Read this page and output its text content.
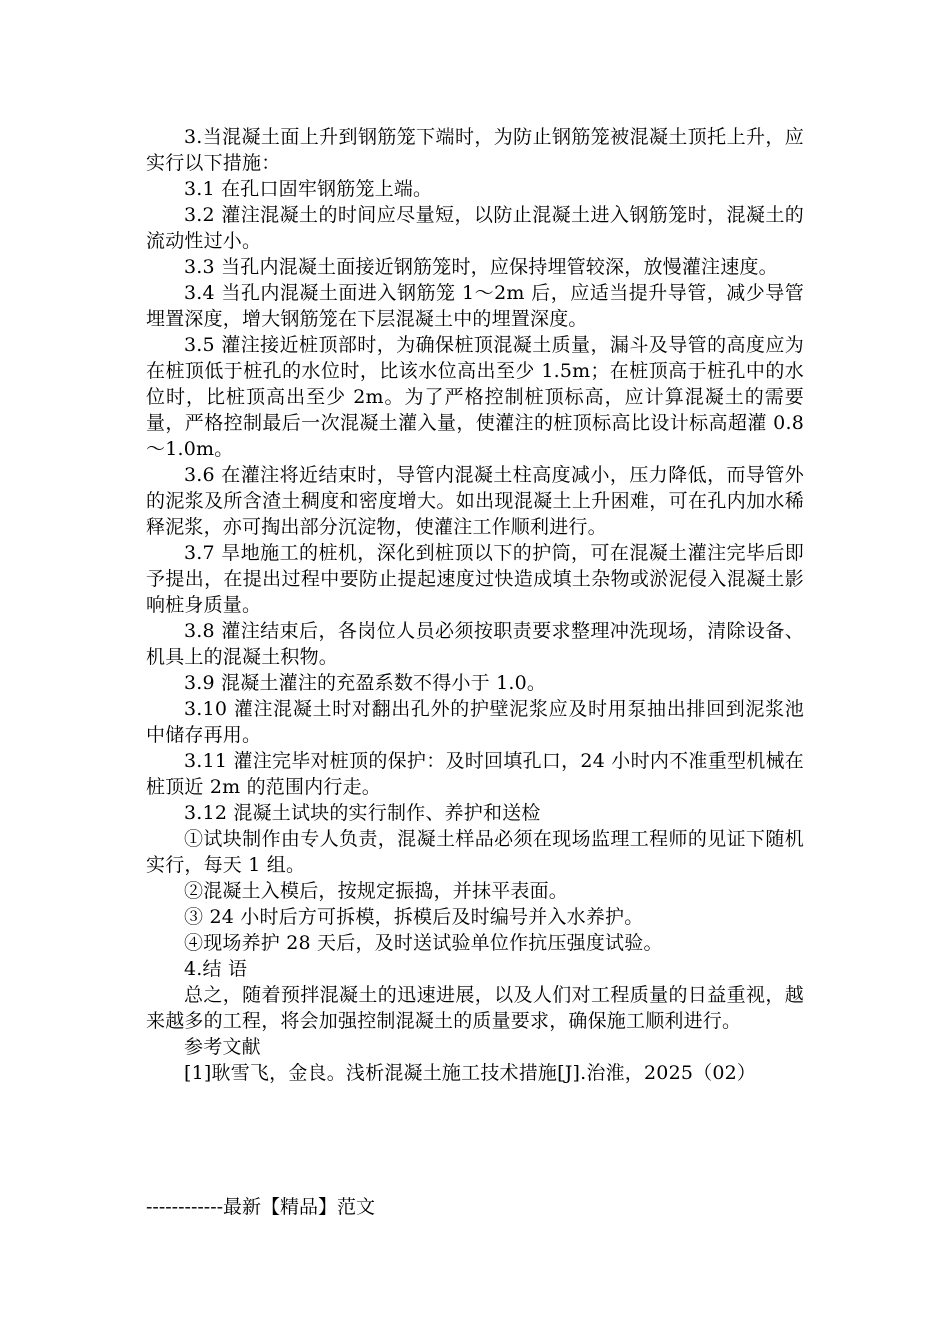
3.当混凝土面上升到钢筋笼下端时，为防止钢筋笼被混凝土顶托上升，应实行以下措施：

3.1 在孔口固牢钢筋笼上端。

3.2 灌注混凝土的时间应尽量短，以防止混凝土进入钢筋笼时，混凝土的流动性过小。

3.3 当孔内混凝土面接近钢筋笼时，应保持埋管较深，放慢灌注速度。

3.4 当孔内混凝土面进入钢筋笼 1～2m 后，应适当提升导管，减少导管埋置深度，增大钢筋笼在下层混凝土中的埋置深度。

3.5 灌注接近桩顶部时，为确保桩顶混凝土质量，漏斗及导管的高度应为在桩顶低于桩孔的水位时，比该水位高出至少 1.5m；在桩顶高于桩孔中的水位时，比桩顶高出至少 2m。为了严格控制桩顶标高，应计算混凝土的需要量，严格控制最后一次混凝土灌入量，使灌注的桩顶标高比设计标高超灌 0.8～1.0m。

3.6 在灌注将近结束时，导管内混凝土柱高度减小，压力降低，而导管外的泥浆及所含渣土稠度和密度增大。如出现混凝土上升困难，可在孔内加水稀释泥浆，亦可掏出部分沉淀物，使灌注工作顺利进行。

3.7 旱地施工的桩机，深化到桩顶以下的护筒，可在混凝土灌注完毕后即予提出，在提出过程中要防止提起速度过快造成填土杂物或淤泥侵入混凝土影响桩身质量。

3.8 灌注结束后，各岗位人员必须按职责要求整理冲洗现场，清除设备、机具上的混凝土积物。

3.9 混凝土灌注的充盈系数不得小于 1.0。

3.10 灌注混凝土时对翻出孔外的护壁泥浆应及时用泵抽出排回到泥浆池中储存再用。

3.11 灌注完毕对桩顶的保护：及时回填孔口，24 小时内不准重型机械在桩顶近 2m 的范围内行走。

3.12 混凝土试块的实行制作、养护和送检

①试块制作由专人负责，混凝土样品必须在现场监理工程师的见证下随机实行，每天 1 组。

②混凝土入模后，按规定振捣，并抹平表面。

③ 24 小时后方可拆模，拆模后及时编号并入水养护。

④现场养护 28 天后，及时送试验单位作抗压强度试验。

4.结 语

总之，随着预拌混凝土的迅速进展，以及人们对工程质量的日益重视，越来越多的工程，将会加强控制混凝土的质量要求，确保施工顺利进行。

参考文献

[1]耿雪飞，金良。浅析混凝土施工技术措施[J].治淮，2025（02）

------------最新【精品】范文
